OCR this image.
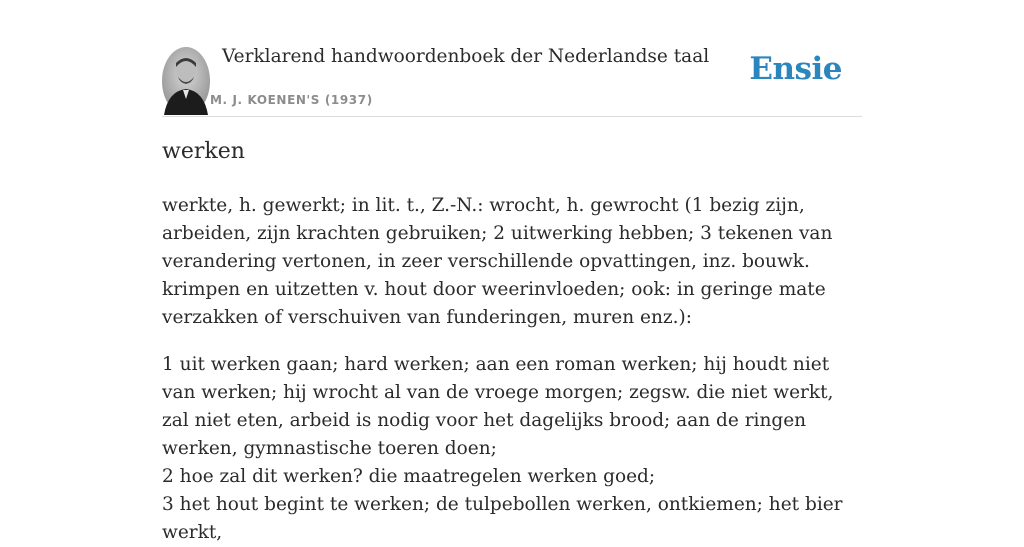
Verklarend handwoordenboek der Nederlandse taal
M. J. KOENEN'S (1937)
Ensie
werken

werkte, h. gewerkt; in lit. t., Z.-N.: wrocht, h. gewrocht (1 bezig zijn, arbeiden, zijn krachten gebruiken; 2 uitwerking hebben; 3 tekenen van verandering vertonen, in zeer verschillende opvattingen, inz. bouwk. krimpen en uitzetten v. hout door weerinvloeden; ook: in geringe mate verzakken of verschuiven van funderingen, muren enz.):

1 uit werken gaan; hard werken; aan een roman werken; hij houdt niet van werken; hij wrocht al van de vroege morgen; zegsw. die niet werkt, zal niet eten, arbeid is nodig voor het dagelijks brood; aan de ringen werken, gymnastische toeren doen;
2 hoe zal dit werken? die maatregelen werken goed;
3 het hout begint te werken; de tulpebollen werken, ontkiemen; het bier werkt,
